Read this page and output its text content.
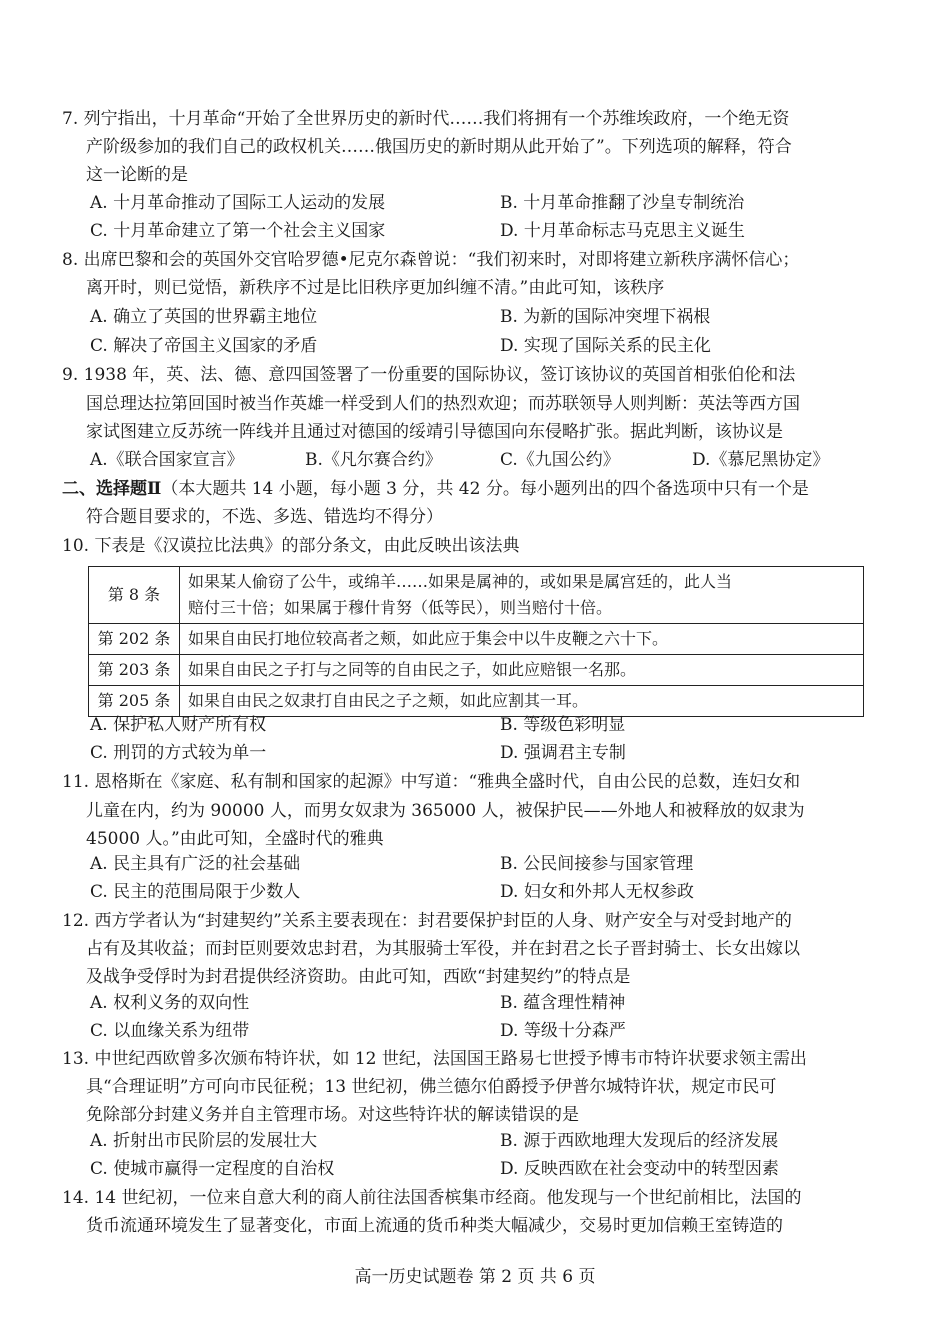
7. 列宁指出，十月革命“开始了全世界历史的新时代……我们将拥有一个苏维埃政府，一个绝无资
产阶级参加的我们自己的政权机关……俄国历史的新时期从此开始了”。下列选项的解释，符合
这一论断的是
A. 十月革命推动了国际工人运动的发展	B. 十月革命推翻了沙皇专制统治
C. 十月革命建立了第一个社会主义国家	D. 十月革命标志马克思主义诞生
8. 出席巴黎和会的英国外交官哈罗德•尼克尔森曾说：“我们初来时，对即将建立新秩序满怀信心；
离开时，则已觉悟，新秩序不过是比旧秩序更加纠缠不清。”由此可知，该秩序
A. 确立了英国的世界霸主地位	B. 为新的国际冲突埋下祸根
C. 解决了帝国主义国家的矛盾	D. 实现了国际关系的民主化
9. 1938 年，英、法、德、意四国签署了一份重要的国际协议，签订该协议的英国首相张伯伦和法
国总理达拉第回国时被当作英雄一样受到人们的热烈欢迎；而苏联领导人则判断：英法等西方国
家试图建立反苏统一阵线并且通过对德国的绥靖引导德国向东侵略扩张。据此判断，该协议是
A.《联合国家宣言》	B.《凡尔赛合约》	C.《九国公约》	D.《慕尼黑协定》
二、选择题Ⅱ（本大题共 14 小题，每小题 3 分，共 42 分。每小题列出的四个备选项中只有一个是
符合题目要求的，不选、多选、错选均不得分）
10. 下表是《汉谟拉比法典》的部分条文，由此反映出该法典
第 8 条	如果某人偷窃了公牛，或绵羊……如果是属神的，或如果是属宫廷的，此人当
赔付三十倍；如果属于穆什肯努（低等民），则当赔付十倍。

第 202 条	如果自由民打地位较高者之颊，如此应于集会中以牛皮鞭之六十下。
第 203 条	如果自由民之子打与之同等的自由民之子，如此应赔银一名那。
第 205 条	如果自由民之奴隶打自由民之子之颊，如此应割其一耳。
A. 保护私人财产所有权	B. 等级色彩明显
C. 刑罚的方式较为单一	D. 强调君主专制
11. 恩格斯在《家庭、私有制和国家的起源》中写道：“雅典全盛时代，自由公民的总数，连妇女和
儿童在内，约为 90000 人，而男女奴隶为 365000 人，被保护民——外地人和被释放的奴隶为
45000 人。”由此可知，全盛时代的雅典
A. 民主具有广泛的社会基础	B. 公民间接参与国家管理
C. 民主的范围局限于少数人	D. 妇女和外邦人无权参政
12. 西方学者认为“封建契约”关系主要表现在：封君要保护封臣的人身、财产安全与对受封地产的
占有及其收益；而封臣则要效忠封君，为其服骑士军役，并在封君之长子晋封骑士、长女出嫁以
及战争受俘时为封君提供经济资助。由此可知，西欧“封建契约”的特点是
A. 权利义务的双向性	B. 蕴含理性精神
C. 以血缘关系为纽带	D. 等级十分森严
13. 中世纪西欧曾多次颁布特许状，如 12 世纪，法国国王路易七世授予博韦市特许状要求领主需出
具“合理证明”方可向市民征税；13 世纪初，佛兰德尔伯爵授予伊普尔城特许状，规定市民可
免除部分封建义务并自主管理市场。对这些特许状的解读错误的是
A. 折射出市民阶层的发展壮大	B. 源于西欧地理大发现后的经济发展
C. 使城市赢得一定程度的自治权	D. 反映西欧在社会变动中的转型因素
14. 14 世纪初，一位来自意大利的商人前往法国香槟集市经商。他发现与一个世纪前相比，法国的
货币流通环境发生了显著变化，市面上流通的货币种类大幅减少，交易时更加信赖王室铸造的
高一历史试题卷 第 2 页 共 6 页
